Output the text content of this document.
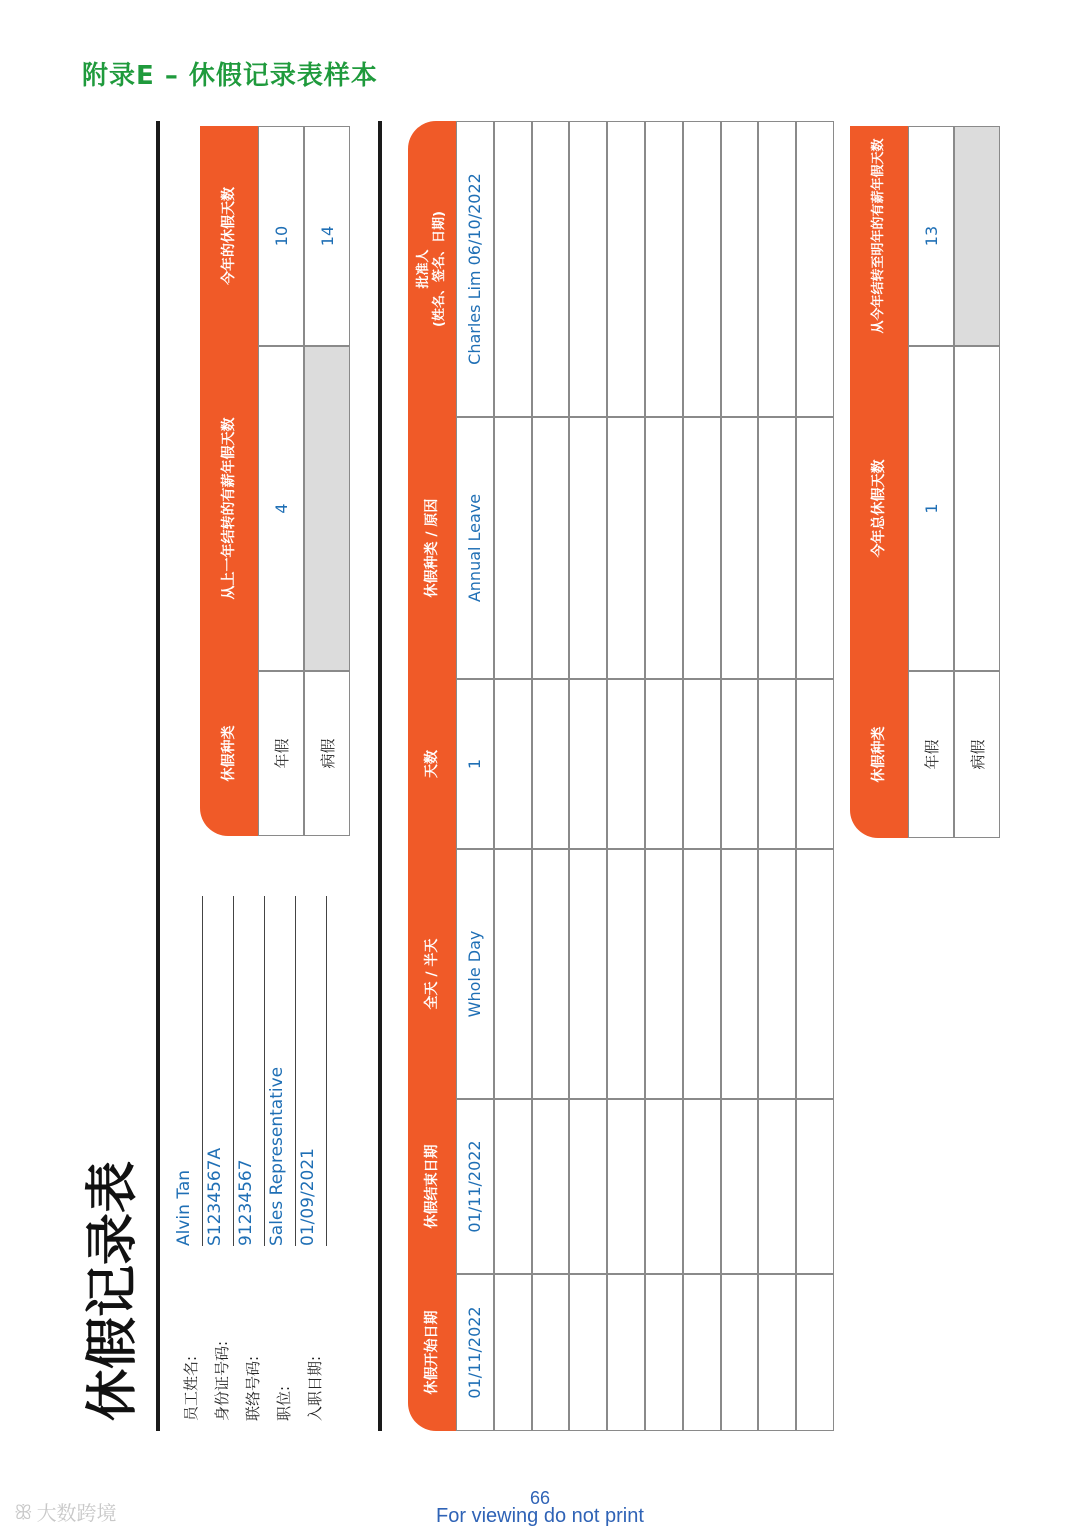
附录E – 休假记录表样本
休假记录表	员工姓名:
Alvin Tan
身份证号码:
S1234567A
联络号码:
91234567
职位:
Sales Representative
入职日期:
01/09/2021
休假种类
从上一年结转的有薪年假天数
今年的休假天数
年假
4
10
病假
14
休假开始日期
休假结束日期
全天 / 半天
天数
休假种类 / 原因
批准人
(姓名、签名、日期)
01/11/2022
01/11/2022
Whole Day
1
Annual Leave
Charles Lim 06/10/2022
休假种类
今年总休假天数
从今年结转至明年的有薪年假天数
年假
1
13
病假
66
For viewing do not print
ꕥ 大数跨境
